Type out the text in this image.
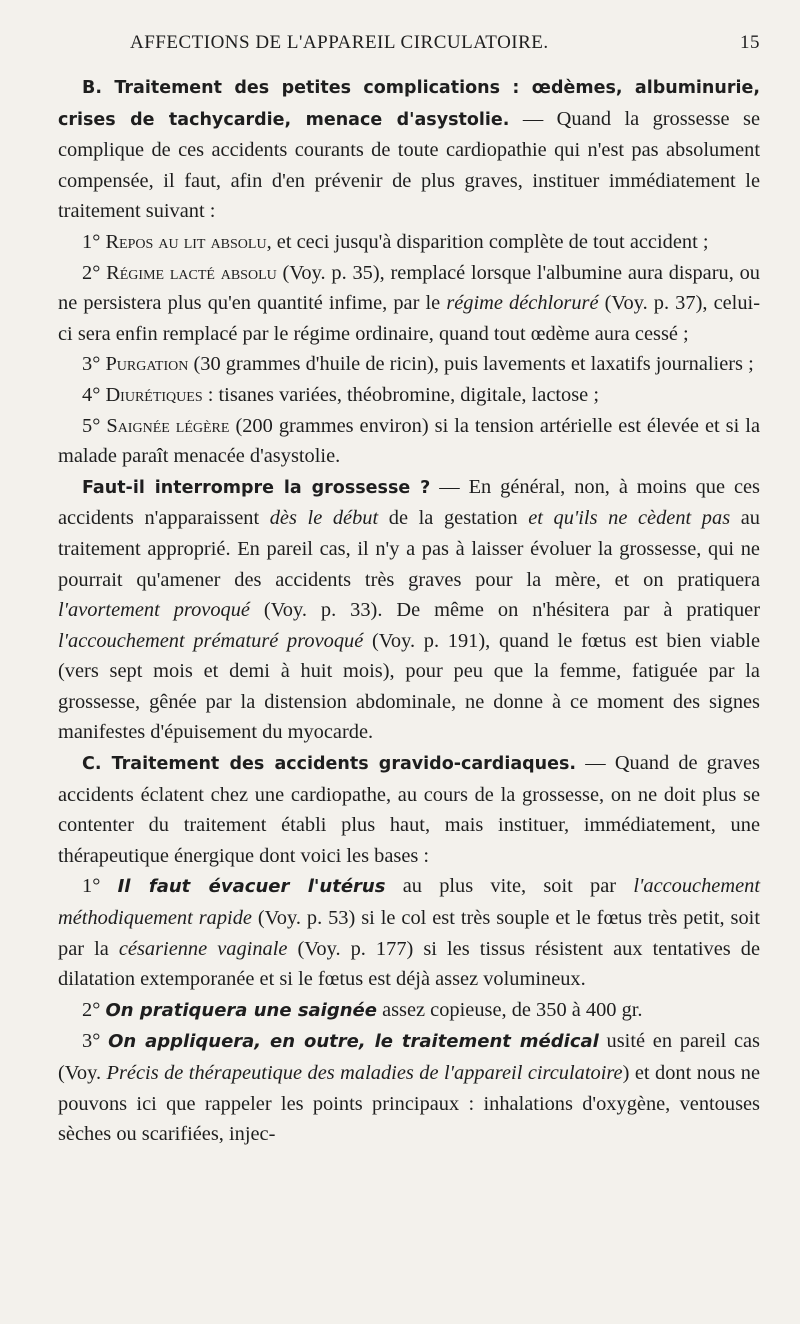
AFFECTIONS DE L'APPAREIL CIRCULATOIRE.	15

B. Traitement des petites complications : œdèmes, albuminurie, crises de tachycardie, menace d'asystolie. — Quand la grossesse se complique de ces accidents courants de toute cardiopathie qui n'est pas absolument compensée, il faut, afin d'en prévenir de plus graves, instituer immédiatement le traitement suivant :

1° Repos au lit absolu, et ceci jusqu'à disparition complète de tout accident ;

2° Régime lacté absolu (Voy. p. 35), remplacé lorsque l'albumine aura disparu, ou ne persistera plus qu'en quantité infime, par le régime déchloruré (Voy. p. 37), celui-ci sera enfin remplacé par le régime ordinaire, quand tout œdème aura cessé ;

3° Purgation (30 grammes d'huile de ricin), puis lavements et laxatifs journaliers ;

4° Diurétiques : tisanes variées, théobromine, digitale, lactose ;

5° Saignée légère (200 grammes environ) si la tension artérielle est élevée et si la malade paraît menacée d'asystolie.

Faut-il interrompre la grossesse ? — En général, non, à moins que ces accidents n'apparaissent dès le début de la gestation et qu'ils ne cèdent pas au traitement approprié. En pareil cas, il n'y a pas à laisser évoluer la grossesse, qui ne pourrait qu'amener des accidents très graves pour la mère, et on pratiquera l'avortement provoqué (Voy. p. 33). De même on n'hésitera par à pratiquer l'accouchement prématuré provoqué (Voy. p. 191), quand le fœtus est bien viable (vers sept mois et demi à huit mois), pour peu que la femme, fatiguée par la grossesse, gênée par la distension abdominale, ne donne à ce moment des signes manifestes d'épuisement du myocarde.

C. Traitement des accidents gravido-cardiaques. — Quand de graves accidents éclatent chez une cardiopathe, au cours de la grossesse, on ne doit plus se contenter du traitement établi plus haut, mais instituer, immédiatement, une thérapeutique énergique dont voici les bases :

1° Il faut évacuer l'utérus au plus vite, soit par l'accouchement méthodiquement rapide (Voy. p. 53) si le col est très souple et le fœtus très petit, soit par la césarienne vaginale (Voy. p. 177) si les tissus résistent aux tentatives de dilatation extemporanée et si le fœtus est déjà assez volumineux.

2° On pratiquera une saignée assez copieuse, de 350 à 400 gr.

3° On appliquera, en outre, le traitement médical usité en pareil cas (Voy. Précis de thérapeutique des maladies de l'appareil circulatoire) et dont nous ne pouvons ici que rappeler les points principaux : inhalations d'oxygène, ventouses sèches ou scarifiées, injec-
